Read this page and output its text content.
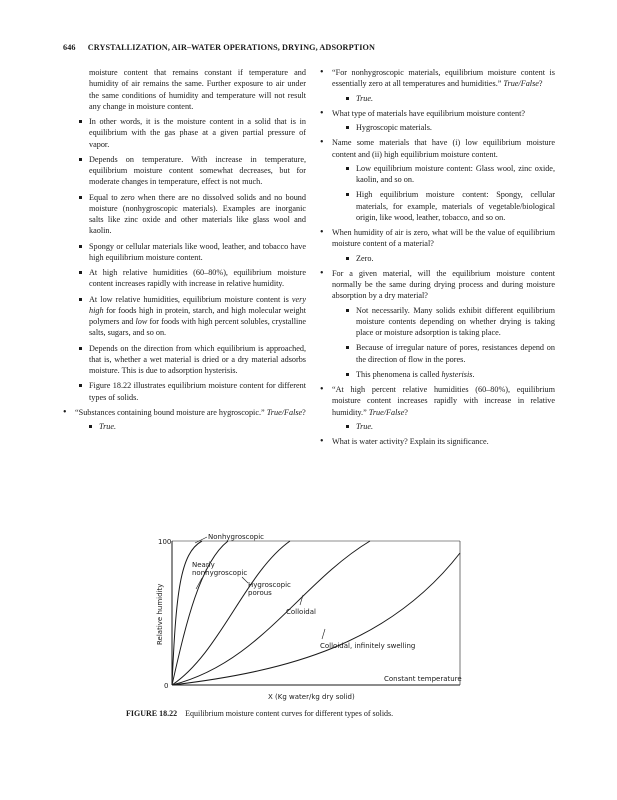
646 CRYSTALLIZATION, AIR–WATER OPERATIONS, DRYING, ADSORPTION
moisture content that remains constant if temperature and humidity of air remains the same. Further exposure to air under the same conditions of humidity and temperature will not result any change in moisture content.
In other words, it is the moisture content in a solid that is in equilibrium with the gas phase at a given partial pressure of vapor.
Depends on temperature. With increase in temperature, equilibrium moisture content somewhat decreases, but for moderate changes in temperature, effect is not much.
Equal to zero when there are no dissolved solids and no bound moisture (nonhygroscopic materials). Examples are inorganic salts like zinc oxide and other materials like glass wool and kaolin.
Spongy or cellular materials like wood, leather, and tobacco have high equilibrium moisture content.
At high relative humidities (60–80%), equilibrium moisture content increases rapidly with increase in relative humidity.
At low relative humidities, equilibrium moisture content is very high for foods high in protein, starch, and high molecular weight polymers and low for foods with high percent solubles, crystalline salts, sugars, and so on.
Depends on the direction from which equilibrium is approached, that is, whether a wet material is dried or a dry material adsorbs moisture. This is due to adsorption hysterisis.
Figure 18.22 illustrates equilibrium moisture content for different types of solids.
• “Substances containing bound moisture are hygroscopic.” True/False?
True.
• “For nonhygroscopic materials, equilibrium moisture content is essentially zero at all temperatures and humidities.” True/False?
True.
• What type of materials have equilibrium moisture content?
Hygroscopic materials.
• Name some materials that have (i) low equilibrium moisture content and (ii) high equilibrium moisture content.
Low equilibrium moisture content: Glass wool, zinc oxide, kaolin, and so on.
High equilibrium moisture content: Spongy, cellular materials, for example, materials of vegetable/biological origin, like wood, leather, tobacco, and so on.
• When humidity of air is zero, what will be the value of equilibrium moisture content of a material?
Zero.
• For a given material, will the equilibrium moisture content normally be the same during drying process and during moisture absorption by a dry material?
Not necessarily. Many solids exhibit different equilibrium moisture contents depending on whether drying is taking place or moisture adsorption is taking place.
Because of irregular nature of pores, resistances depend on the direction of flow in the pores.
This phenomena is called hysterisis.
• “At high percent relative humidities (60–80%), equilibrium moisture content increases rapidly with increase in relative humidity.” True/False?
True.
• What is water activity? Explain its significance.
100
0
Relative humidity
X (Kg water/kg dry solid)
Nonhygroscopic
Nearly
nonhygroscopic
Hygroscopic
porous
Colloidal
Colloidal, infinitely swelling
Constant temperature
FIGURE 18.22 Equilibrium moisture content curves for different types of solids.
